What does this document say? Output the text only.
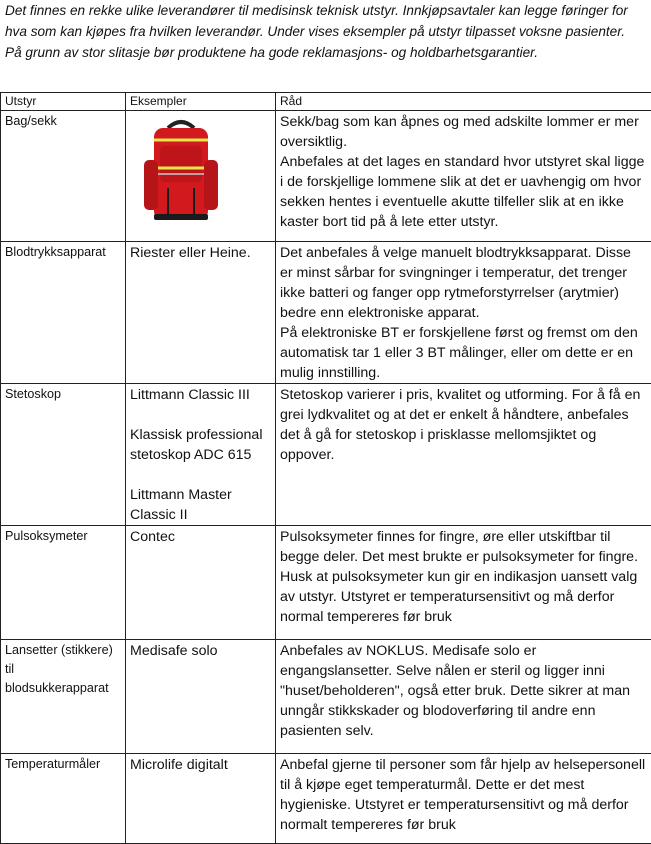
Det finnes en rekke ulike leverandører til medisinsk teknisk utstyr. Innkjøpsavtaler kan legge føringer for hva som kan kjøpes fra hvilken leverandør. Under vises eksempler på utstyr tilpasset voksne pasienter. På grunn av stor slitasje bør produktene ha gode reklamasjons- og holdbarhetsgarantier.

Utstyr	Eksempler	Råd
Bag/sekk		Sekk/bag som kan åpnes og med adskilte lommer er mer oversiktlig.
Anbefales at det lages en standard hvor utstyret skal ligge i de forskjellige lommene slik at det er uavhengig om hvor sekken hentes i eventuelle akutte tilfeller slik at en ikke kaster bort tid på å lete etter utstyr.

Blodtrykksapparat	Riester eller Heine.	Det anbefales å velge manuelt blodtrykksapparat. Disse er minst sårbar for svingninger i temperatur, det trenger ikke batteri og fanger opp rytmeforstyrrelser (arytmier) bedre enn elektroniske apparat.
På elektroniske BT er forskjellene først og fremst om den automatisk tar 1 eller 3 BT målinger, eller om dette er en mulig innstilling.

Stetoskop	Littmann Classic III
Klassisk professional stetoskop ADC 615
Littmann Master Classic II	Stetoskop varierer i pris, kvalitet og utforming. For å få en grei lydkvalitet og at det er enkelt å håndtere, anbefales det å gå for stetoskop i prisklasse mellomsjiktet og oppover.
Pulsoksymeter	Contec	Pulsoksymeter finnes for fingre, øre eller utskiftbar til begge deler. Det mest brukte er pulsoksymeter for fingre. Husk at pulsoksymeter kun gir en indikasjon uansett valg av utstyr. Utstyret er temperatursensitivt og må derfor normal tempereres før bruk
Lansetter (stikkere) til blodsukkerapparat	Medisafe solo	Anbefales av NOKLUS. Medisafe solo er engangslansetter. Selve nålen er steril og ligger inni "huset/beholderen", også etter bruk. Dette sikrer at man unngår stikkskader og blodoverføring til andre enn pasienten selv.
Temperaturmåler	Microlife digitalt	Anbefal gjerne til personer som får hjelp av helsepersonell til å kjøpe eget temperaturmål. Dette er det mest hygieniske. Utstyret er temperatursensitivt og må derfor normalt tempereres før bruk
